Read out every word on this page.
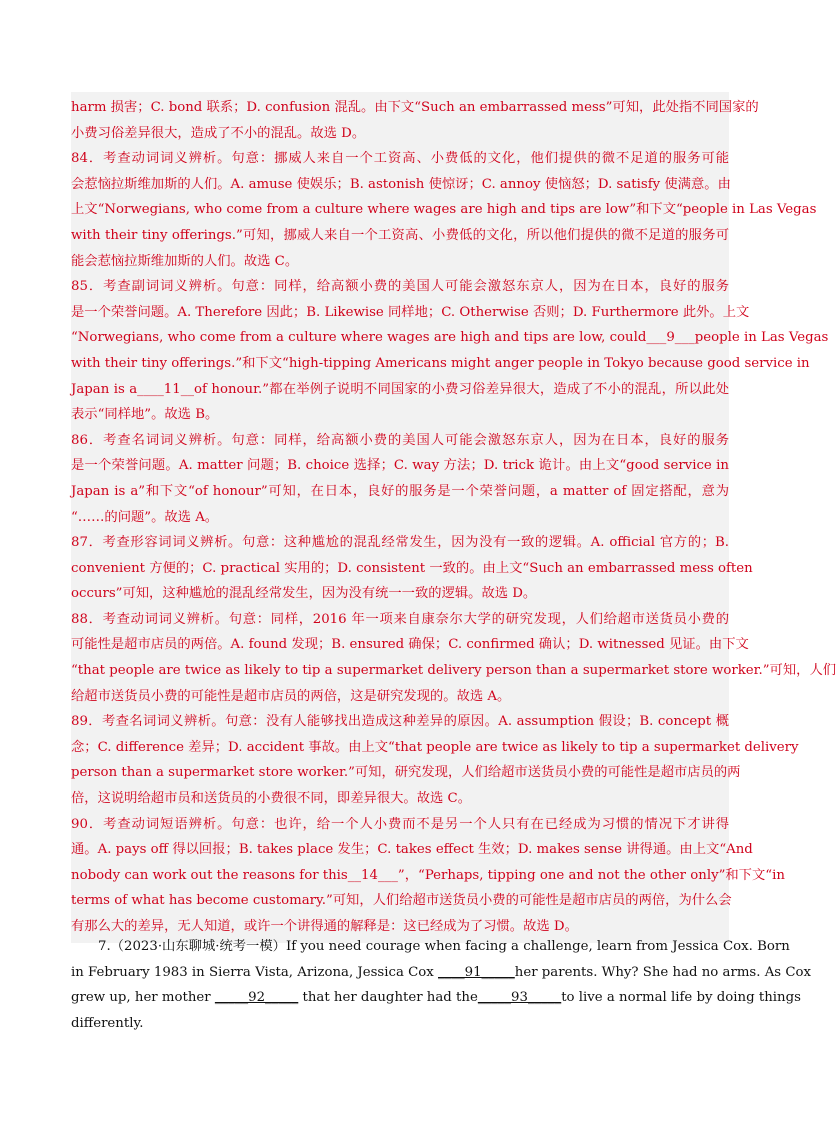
harm 损害；C. bond 联系；D. confusion 混乱。由下文“Such an embarrassed mess”可知，此处指不同国家的
小费习俗差异很大，造成了不小的混乱。故选 D。
84．考查动词词义辨析。句意：挪威人来自一个工资高、小费低的文化，他们提供的微不足道的服务可能
会惹恼拉斯维加斯的人们。A. amuse 使娱乐；B. astonish 使惊讶；C. annoy 使恼怒；D. satisfy 使满意。由
上文“Norwegians, who come from a culture where wages are high and tips are low”和下文“people in Las Vegas
with their tiny offerings.”可知，挪威人来自一个工资高、小费低的文化，所以他们提供的微不足道的服务可
能会惹恼拉斯维加斯的人们。故选 C。
85．考查副词词义辨析。句意：同样，给高额小费的美国人可能会激怒东京人，因为在日本，良好的服务
是一个荣誉问题。A. Therefore 因此；B. Likewise 同样地；C. Otherwise 否则；D. Furthermore 此外。上文
“Norwegians, who come from a culture where wages are high and tips are low, could___9___people in Las Vegas
with their tiny offerings.”和下文“high-tipping Americans might anger people in Tokyo because good service in
Japan is a____11__of honour.”都在举例子说明不同国家的小费习俗差异很大，造成了不小的混乱，所以此处
表示“同样地”。故选 B。
86．考查名词词义辨析。句意：同样，给高额小费的美国人可能会激怒东京人，因为在日本，良好的服务
是一个荣誉问题。A. matter 问题；B. choice 选择；C. way 方法；D. trick 诡计。由上文“good service in
Japan is a”和下文“of honour”可知，在日本，良好的服务是一个荣誉问题，a matter of 固定搭配，意为
“……的问题”。故选 A。
87．考查形容词词义辨析。句意：这种尴尬的混乱经常发生，因为没有一致的逻辑。A. official 官方的；B.
convenient 方便的；C. practical 实用的；D. consistent 一致的。由上文“Such an embarrassed mess often
occurs”可知，这种尴尬的混乱经常发生，因为没有统一一致的逻辑。故选 D。
88．考查动词词义辨析。句意：同样，2016 年一项来自康奈尔大学的研究发现，人们给超市送货员小费的
可能性是超市店员的两倍。A. found 发现；B. ensured 确保；C. confirmed 确认；D. witnessed 见证。由下文
“that people are twice as likely to tip a supermarket delivery person than a supermarket store worker.”可知，人们
给超市送货员小费的可能性是超市店员的两倍，这是研究发现的。故选 A。
89．考查名词词义辨析。句意：没有人能够找出造成这种差异的原因。A. assumption 假设；B. concept 概
念；C. difference 差异；D. accident 事故。由上文“that people are twice as likely to tip a supermarket delivery
person than a supermarket store worker.”可知，研究发现，人们给超市送货员小费的可能性是超市店员的两
倍，这说明给超市员和送货员的小费很不同，即差异很大。故选 C。
90．考查动词短语辨析。句意：也许，给一个人小费而不是另一个人只有在已经成为习惯的情况下才讲得
通。A. pays off 得以回报；B. takes place 发生；C. takes effect 生效；D. makes sense 讲得通。由上文“And
nobody can work out the reasons for this__14___”，“Perhaps, tipping one and not the other only”和下文“in
terms of what has become customary.”可知，人们给超市送货员小费的可能性是超市店员的两倍，为什么会
有那么大的差异，无人知道，或许一个讲得通的解释是：这已经成为了习惯。故选 D。
7.（2023·山东聊城·统考一模）If you need courage when facing a challenge, learn from Jessica Cox. Born
in February 1983 in Sierra Vista, Arizona, Jessica Cox ____91_____her parents. Why? She had no arms. As Cox
grew up, her mother _____92_____ that her daughter had the_____93_____to live a normal life by doing things
differently.
